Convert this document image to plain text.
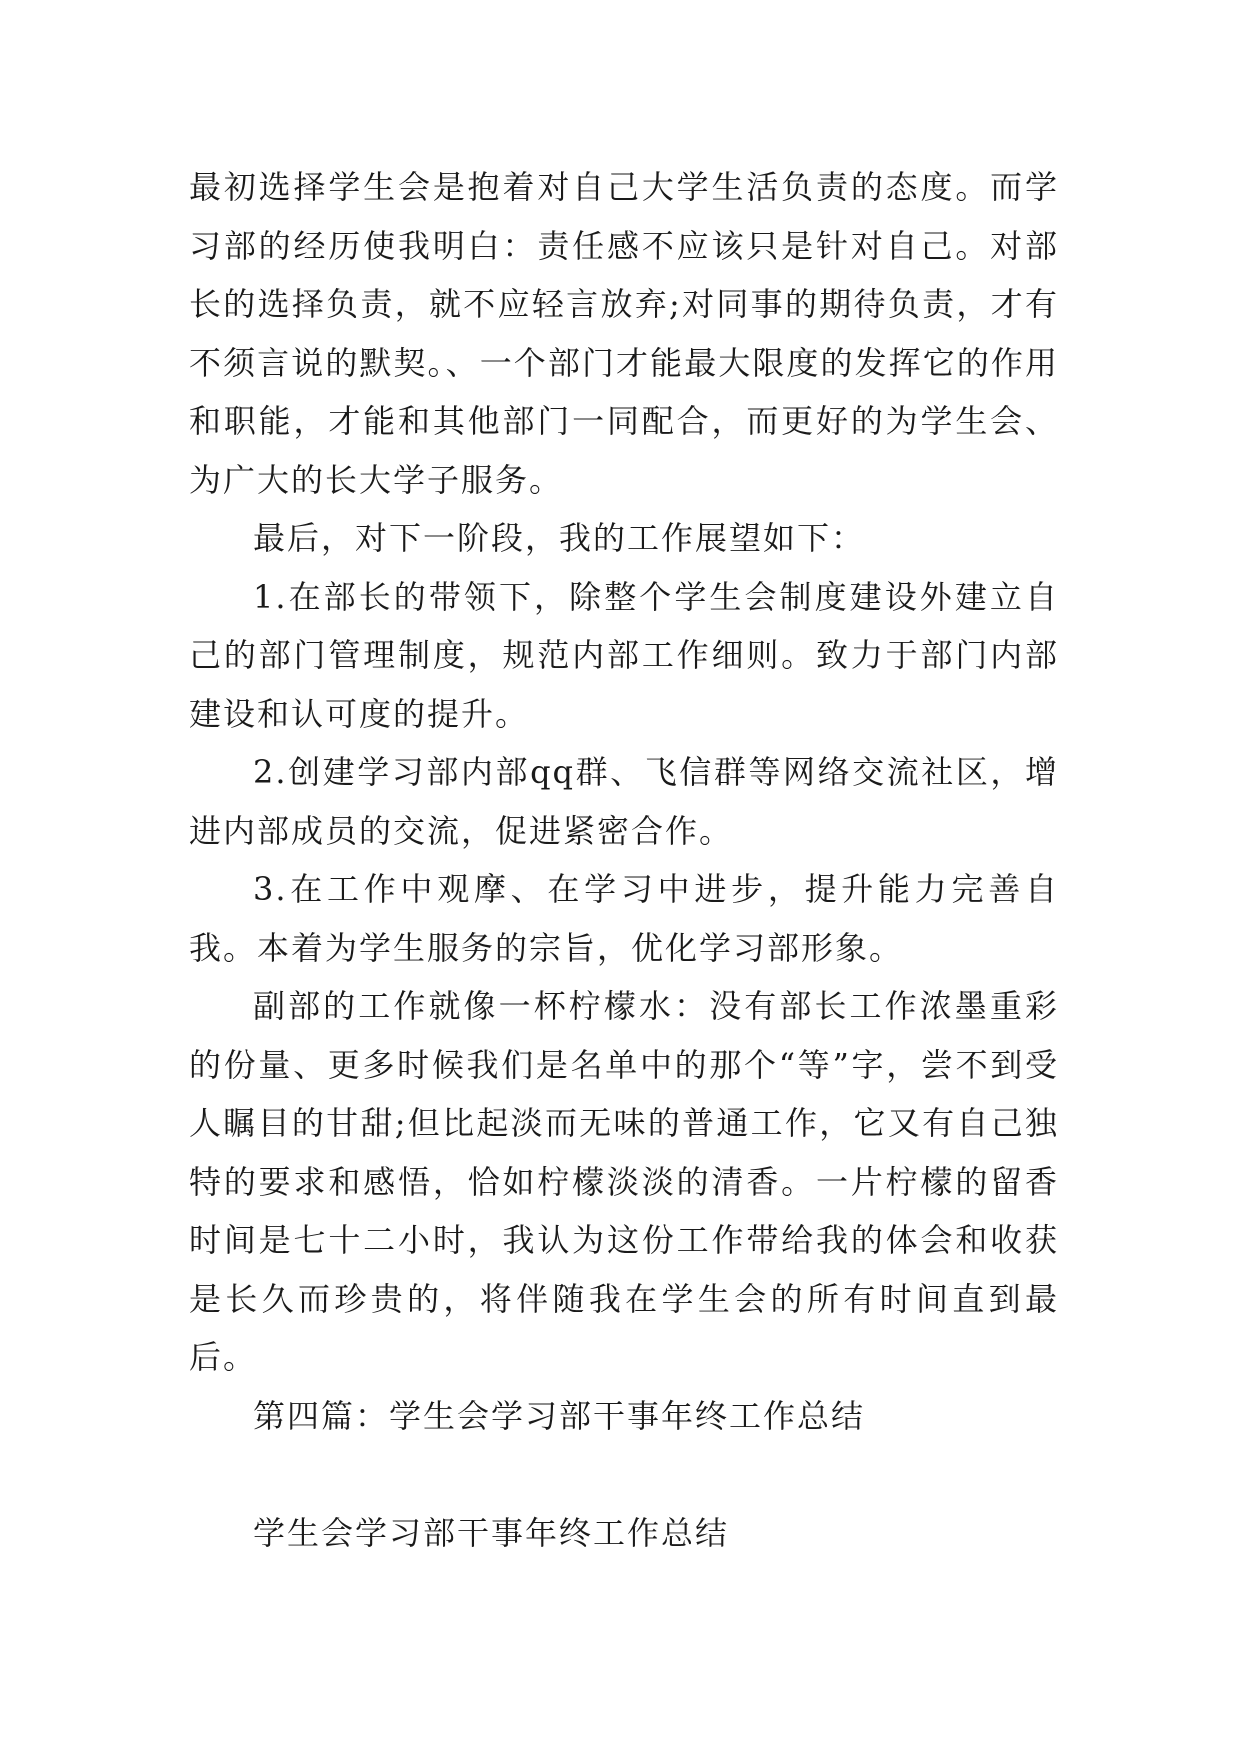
最初选择学生会是抱着对自己大学生活负责的态度。而学习部的经历使我明白：责任感不应该只是针对自己。对部长的选择负责，就不应轻言放弃;对同事的期待负责，才有不须言说的默契。、一个部门才能最大限度的发挥它的作用和职能，才能和其他部门一同配合，而更好的为学生会、为广大的长大学子服务。

最后，对下一阶段，我的工作展望如下：

1.在部长的带领下，除整个学生会制度建设外建立自己的部门管理制度，规范内部工作细则。致力于部门内部建设和认可度的提升。

2.创建学习部内部qq群、飞信群等网络交流社区，增进内部成员的交流，促进紧密合作。

3.在工作中观摩、在学习中进步，提升能力完善自我。本着为学生服务的宗旨，优化学习部形象。

副部的工作就像一杯柠檬水：没有部长工作浓墨重彩的份量、更多时候我们是名单中的那个“等”字，尝不到受人瞩目的甘甜;但比起淡而无味的普通工作，它又有自己独特的要求和感悟，恰如柠檬淡淡的清香。一片柠檬的留香时间是七十二小时，我认为这份工作带给我的体会和收获是长久而珍贵的，将伴随我在学生会的所有时间直到最后。

第四篇：学生会学习部干事年终工作总结

学生会学习部干事年终工作总结
